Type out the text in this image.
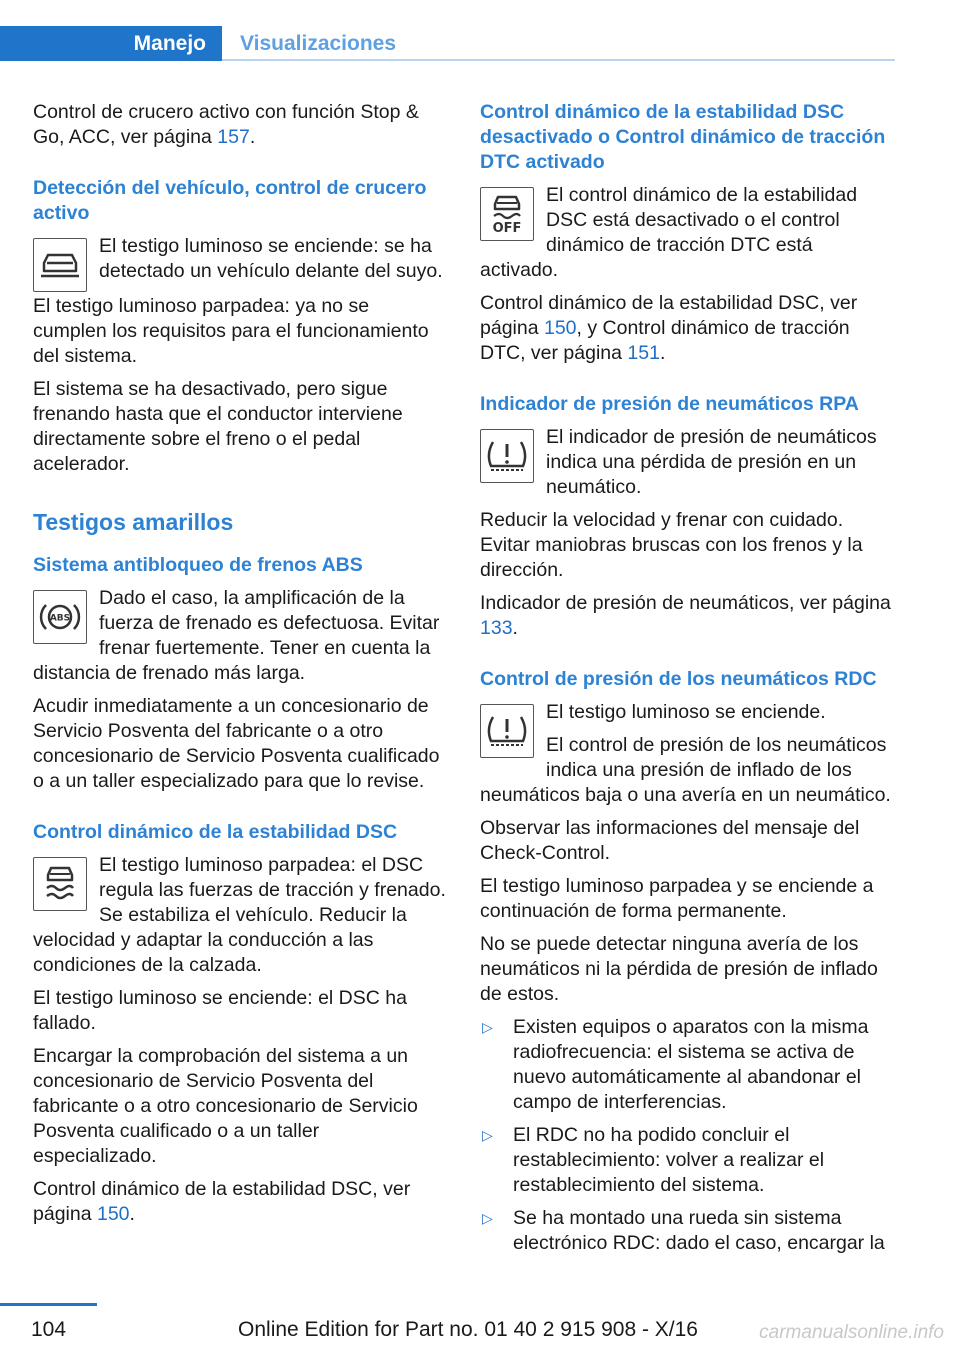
Manejo Visualizaciones

Control de crucero activo con función Stop & Go, ACC, ver página 157.

Detección del vehículo, control de crucero activo

El testigo luminoso se enciende: se ha detectado un vehículo delante del suyo.

El testigo luminoso parpadea: ya no se cumplen los requisitos para el funcionamiento del sistema.

El sistema se ha desactivado, pero sigue frenando hasta que el conductor interviene directamente sobre el freno o el pedal acelerador.

Testigos amarillos
Sistema antibloqueo de frenos ABS

ABS
Dado el caso, la amplificación de la fuerza de frenado es defectuosa. Evitar frenar fuertemente. Tener en cuenta la distancia de frenado más larga.

Acudir inmediatamente a un concesionario de Servicio Posventa del fabricante o a otro concesionario de Servicio Posventa cualificado o a un taller especializado para que lo revise.

Control dinámico de la estabilidad DSC

El testigo luminoso parpadea: el DSC regula las fuerzas de tracción y frenado. Se estabiliza el vehículo. Reducir la velocidad y adaptar la conducción a las condiciones de la calzada.

El testigo luminoso se enciende: el DSC ha fallado.

Encargar la comprobación del sistema a un concesionario de Servicio Posventa del fabricante o a otro concesionario de Servicio Posventa cualificado o a un taller especializado.

Control dinámico de la estabilidad DSC, ver página 150.

Control dinámico de la estabilidad DSC desactivado o Control dinámico de tracción DTC activado

OFF
El control dinámico de la estabilidad DSC está desactivado o el control dinámico de tracción DTC está activado.

Control dinámico de la estabilidad DSC, ver página 150, y Control dinámico de tracción DTC, ver página 151.

Indicador de presión de neumáticos RPA

El indicador de presión de neumáticos indica una pérdida de presión en un neumático.

Reducir la velocidad y frenar con cuidado. Evitar maniobras bruscas con los frenos y la dirección.

Indicador de presión de neumáticos, ver página 133.

Control de presión de los neumáticos RDC

El testigo luminoso se enciende.

El control de presión de los neumáticos indica una presión de inflado de los neumáticos baja o una avería en un neumático.

Observar las informaciones del mensaje del Check-Control.

El testigo luminoso parpadea y se enciende a continuación de forma permanente.

No se puede detectar ninguna avería de los neumáticos ni la pérdida de presión de inflado de estos.

▷ Existen equipos o aparatos con la misma radiofrecuencia: el sistema se activa de nuevo automáticamente al abandonar el campo de interferencias.
▷ El RDC no ha podido concluir el restablecimiento: volver a realizar el restablecimiento del sistema.
▷ Se ha montado una rueda sin sistema electrónico RDC: dado el caso, encargar la
104	Online Edition for Part no. 01 40 2 915 908 - X/16	carmanualsonline.info
